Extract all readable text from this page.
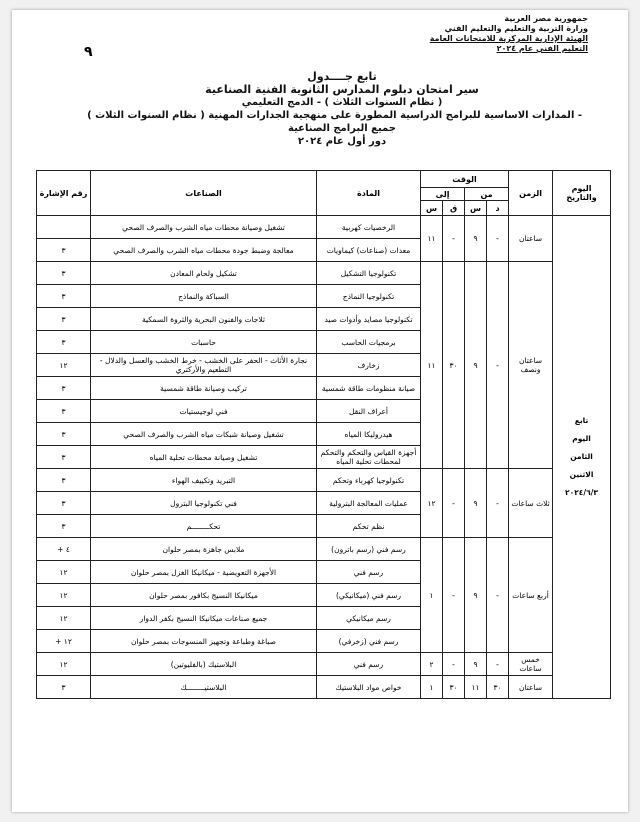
٩
جمهورية مصر العربية
وزارة التربية والتعليم والتعليم الفني
الهيئة الإدارية المركزية للامتحانات العامة
التعليم الفني عام ٢٠٢٤
تابع جــــدول
سير امتحان دبلوم المدارس الثانوية الفنية الصناعية
( نظام السنوات الثلاث ) - الدمج التعليمي
- المدارات الاساسية للبرامج الدراسية المطورة على منهجية الجدارات المهنية ( نظام السنوات الثلاث )
جميع البرامج الصناعية
دور أول عام ٢٠٢٤
اليوم والتاريخ	الزمن	الوقت				المادة	الصناعات	رقم الإشارة
		من		إلى				
		د	س	ق	س			

تابع
اليوم
الثامن
الاثنين
٢٠٢٤/٦/٣	ساعتان	-	٩	-	١١	الرخصيات كهربية	تشغيل وصيانة محطات مياه الشرب والصرف الصحي	
						معدات (صناعات) كيماويات	معالجة وضبط جودة محطات مياه الشرب والصرف الصحي	٣
	ساعتان ونصف	-	٩	٣٠	١١	تكنولوجيا التشكيل	تشكيل ولحام المعادن	٣
						تكنولوجيا النماذج	السباكة والنماذج	٣
						تكنولوجيا مصايد وأدوات صيد	ثلاجات والفنون البحرية والثروة السمكية	٣
						برمجيات الحاسب	حاسبات	٣
						زخارف	نجارة الأثاث - الحفر على الخشب - خرط الخشب والعسل والدلال - التطعيم والأركتري	١٢
						صيانة منظومات طاقة شمسية	تركيب وصيانة طاقة شمسية	٣
						أعراف النقل	فني لوجيستيات	٣
						هيدروليكا المياه	تشغيل وصيانة شبكات مياه الشرب والصرف الصحي	٣
						أجهزة القياس والتحكم والتحكم لمحطات تحلية المياه	تشغيل وصيانة محطات تحلية المياه	٣
	ثلاث ساعات	-	٩	-	١٢	تكنولوجيا كهرباء وتحكم	التبريد وتكييف الهواء	٣
						عمليات المعالجة البترولية	فني تكنولوجيا البترول	٣
						نظم تحكم	تحكــــــــم	٣
	أربع ساعات	-	٩	-	١	رسم فني (رسم باترون)	ملابس جاهزة بمصر حلوان	٤ +
						رسم فني	الأجهزة التعويضية - ميكانيكا الغزل بمصر حلوان	١٢
						رسم فني (ميكانيكي)	ميكانيكا النسيج بكافور بمصر حلوان	١٢
						رسم ميكانيكي	جميع صناعات ميكانيكا النسيج بكفر الدوار	١٢
						رسم فني (زخرفي)	صباغة وطباعة وتجهيز المنسوجات بمصر حلوان	١٢ +
	خمس ساعات	-	٩	-	٢	رسم فني	البلاستيك (بالفليوتين)	١٢
	ساعتان	٣٠	١١	٣٠	١	خواص مواد البلاستيك	البلاستيــــــــك	٣
